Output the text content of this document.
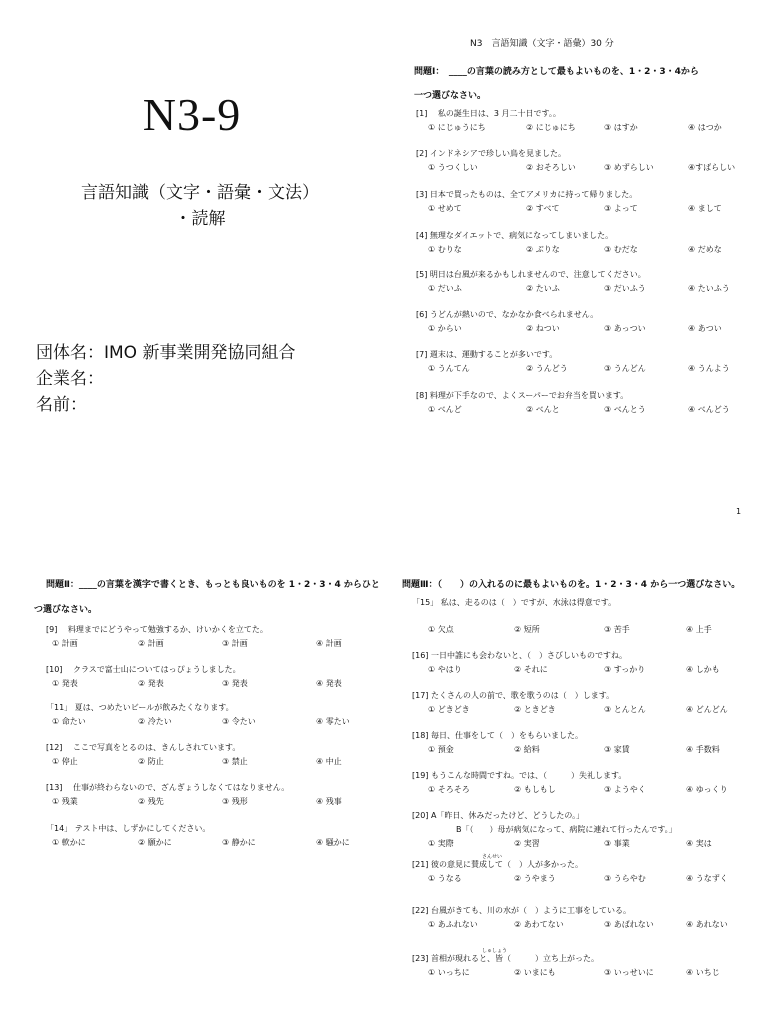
N3-9
言語知識（文字・語彙・文法）
・読解
団体名：IMO 新事業開発協同組合
企業名：
名前：
N3　言語知識（文字・語彙）30 分
問題Ⅰ：　____の言葉の読み方として最もよいものを、1・2・3・4から
一つ選びなさい。
[1]　 私の誕生日は、3 月二十日です。。
① にじゅうにち	② にじゅにち	③ はすか	④ はつか
[2] インドネシアで珍しい鳥を見ました。
① うつくしい	② おそろしい	③ めずらしい	④すばらしい
[3] 日本で買ったものは、全てアメリカに持って帰りました。
① せめて	② すべて	③ よって	④ まして
[4] 無理なダイエットで、病気になってしまいました。
① むりな	② ぶりな	③ むだな	④ だめな
[5] 明日は台風が来るかもしれませんので、注意してください。
① だいふ	② たいふ	③ だいふう	④ たいふう
[6] うどんが熱いので、なかなか食べられません。
① からい	② ねつい	③ あっつい	④ あつい
[7] 週末は、運動することが多いです。
① うんてん	② うんどう	③ うんどん	④ うんよう
[8] 料理が下手なので、よくスーパーでお弁当を買います。
① べんど	② べんと	③ べんとう	④ べんどう
1
問題Ⅱ：____の言葉を漢字で書くとき、もっとも良いものを 1・2・3・4 からひと
つ選びなさい。
[9]　 料理までにどうやって勉強するか、けいかくを立てた。
① 計画	② 計画	③ 計画	④ 計画
[10]　 クラスで富士山についてはっぴょうしました。
① 発表	② 発表	③ 発表	④ 発表
「11」 夏は、つめたいビールが飲みたくなります。
① 命たい	② 冷たい	③ 令たい	④ 零たい
[12]　 ここで写真をとるのは、きんしされています。
① 停止	② 防止	③ 禁止	④ 中止
[13]　 仕事が終わらないので、ざんぎょうしなくてはなりません。
① 残業	② 残先	③ 残形	④ 残事
「14」 テスト中は、しずかにしてください。
① 軟かに	② 願かに	③ 静かに	④ 騒かに
問題Ⅲ：（　　）の入れるのに最もよいものを。1・2・3・4 から一つ選びなさい。
「15」 私は、走るのは（　）ですが、水泳は得意です。
① 欠点	② 短所	③ 苦手	④ 上手
[16] 一日中誰にも会わないと、（　）さびしいものですね。
① やはり	② それに	③ すっかり	④ しかも
[17] たくさんの人の前で、歌を歌うのは（　）します。
① どきどき	② ときどき	③ とんとん	④ どんどん
[18] 毎日、仕事をして（　）をもらいました。
① 預金	② 給料	③ 家賃	④ 手数料
[19] もうこんな時間ですね。では、（　　　）失礼します。
① そろそろ	② もしもし	③ ようやく	④ ゆっくり
[20] A「昨日、休みだったけど、どうしたの。」
B「（　　）母が病気になって、病院に連れて行ったんです。」
① 実際	② 実習	③ 事業	④ 実は
[21] 彼の意見に賛成して（　）人が多かった。
さんせい
① うなる	② うやまう	③ うらやむ	④ うなずく
[22] 台風がきても、川の水が（　）ように工事をしている。
① あふれない	② あわてない	③ あばれない	④ あれない
[23] 首相が現れると、皆（　　　）立ち上がった。
しゅしょう
① いっちに	② いまにも	③ いっせいに	④ いちじ
